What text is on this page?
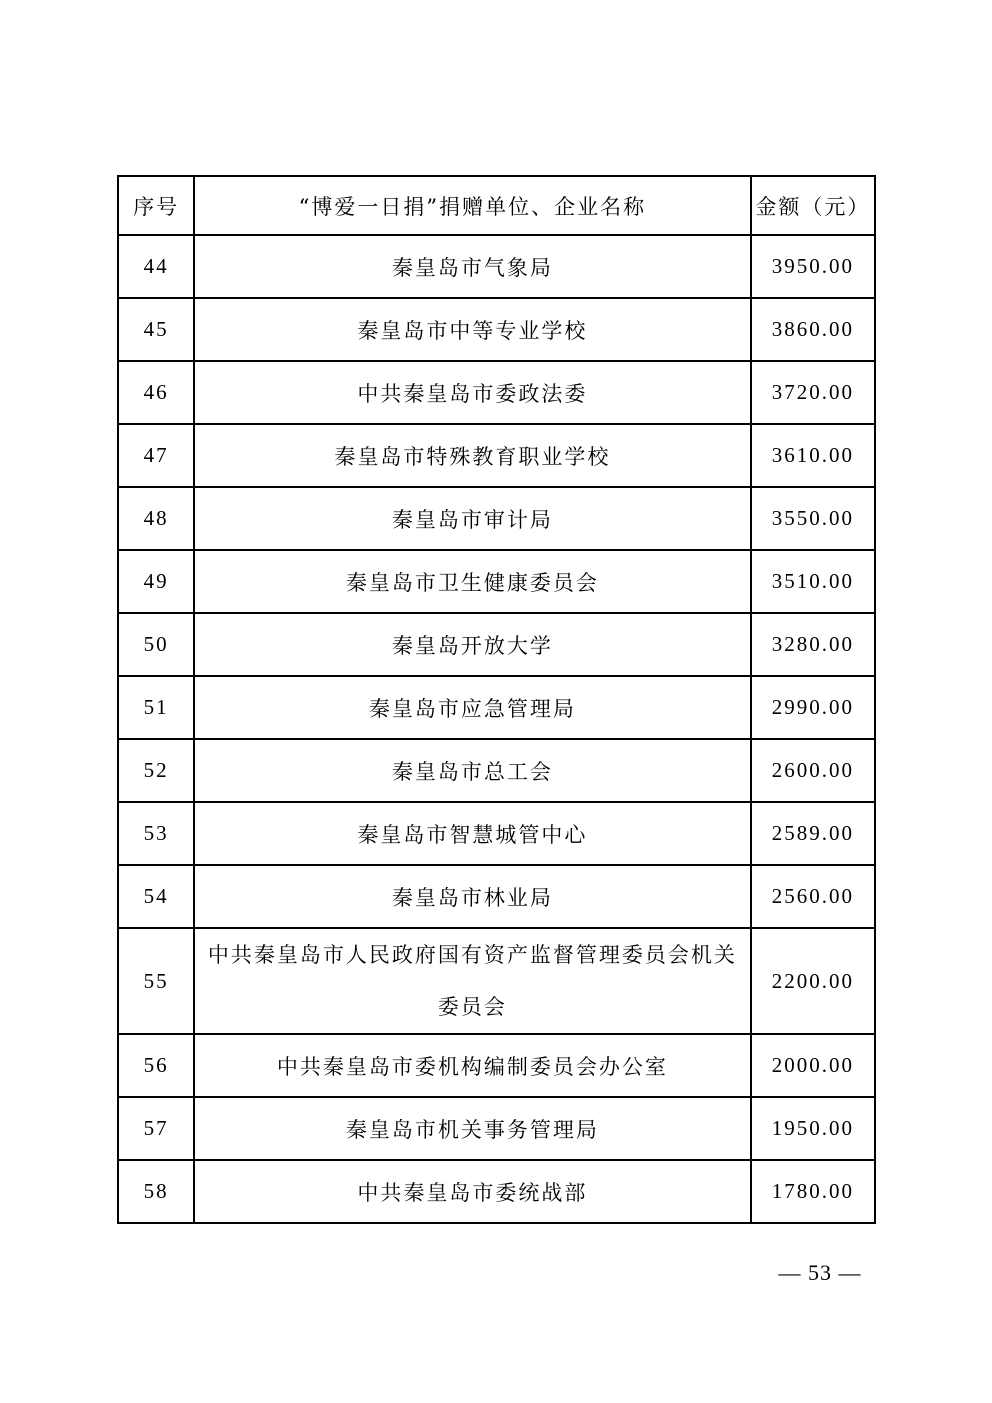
序号	“博爱一日捐”捐赠单位、企业名称	金额（元）
44	秦皇岛市气象局	3950.00
45	秦皇岛市中等专业学校	3860.00
46	中共秦皇岛市委政法委	3720.00
47	秦皇岛市特殊教育职业学校	3610.00
48	秦皇岛市审计局	3550.00
49	秦皇岛市卫生健康委员会	3510.00
50	秦皇岛开放大学	3280.00
51	秦皇岛市应急管理局	2990.00
52	秦皇岛市总工会	2600.00
53	秦皇岛市智慧城管中心	2589.00
54	秦皇岛市林业局	2560.00
55	中共秦皇岛市人民政府国有资产监督管理委员会机关委员会	2200.00
56	中共秦皇岛市委机构编制委员会办公室	2000.00
57	秦皇岛市机关事务管理局	1950.00
58	中共秦皇岛市委统战部	1780.00
— 53 —
